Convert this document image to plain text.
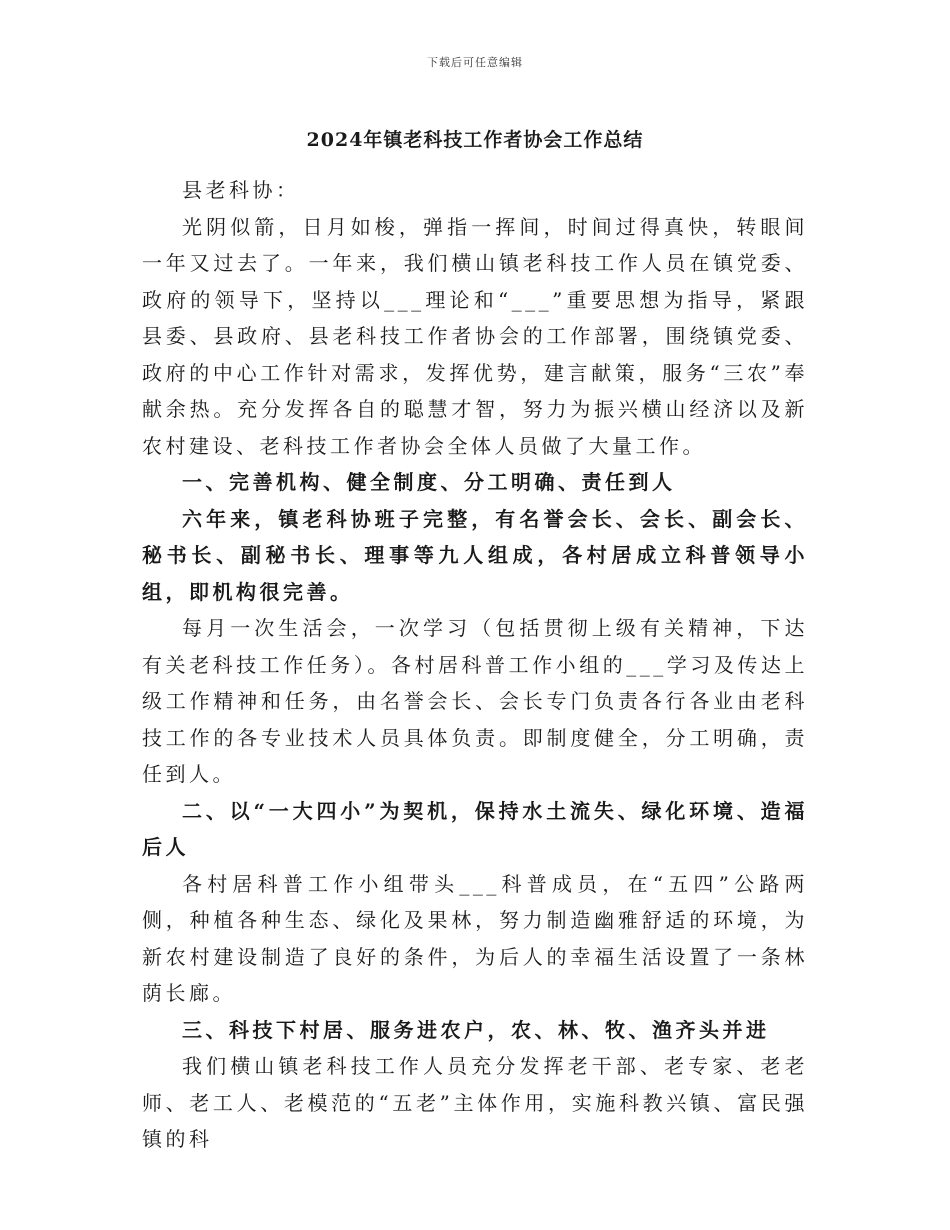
下载后可任意编辑
2024年镇老科技工作者协会工作总结

县老科协：

光阴似箭，日月如梭，弹指一挥间，时间过得真快，转眼间一年又过去了。一年来，我们横山镇老科技工作人员在镇党委、政府的领导下，坚持以___理论和“___”重要思想为指导，紧跟县委、县政府、县老科技工作者协会的工作部署，围绕镇党委、政府的中心工作针对需求，发挥优势，建言献策，服务“三农”奉献余热。充分发挥各自的聪慧才智，努力为振兴横山经济以及新农村建设、老科技工作者协会全体人员做了大量工作。

一、完善机构、健全制度、分工明确、责任到人

六年来，镇老科协班子完整，有名誉会长、会长、副会长、秘书长、副秘书长、理事等九人组成，各村居成立科普领导小组，即机构很完善。

每月一次生活会，一次学习（包括贯彻上级有关精神，下达有关老科技工作任务）。各村居科普工作小组的___学习及传达上级工作精神和任务，由名誉会长、会长专门负责各行各业由老科技工作的各专业技术人员具体负责。即制度健全，分工明确，责任到人。

二、以“一大四小”为契机，保持水土流失、绿化环境、造福后人

各村居科普工作小组带头___科普成员，在“五四”公路两侧，种植各种生态、绿化及果林，努力制造幽雅舒适的环境，为新农村建设制造了良好的条件，为后人的幸福生活设置了一条林荫长廊。

三、科技下村居、服务进农户，农、林、牧、渔齐头并进

我们横山镇老科技工作人员充分发挥老干部、老专家、老老师、老工人、老模范的“五老”主体作用，实施科教兴镇、富民强镇的科
